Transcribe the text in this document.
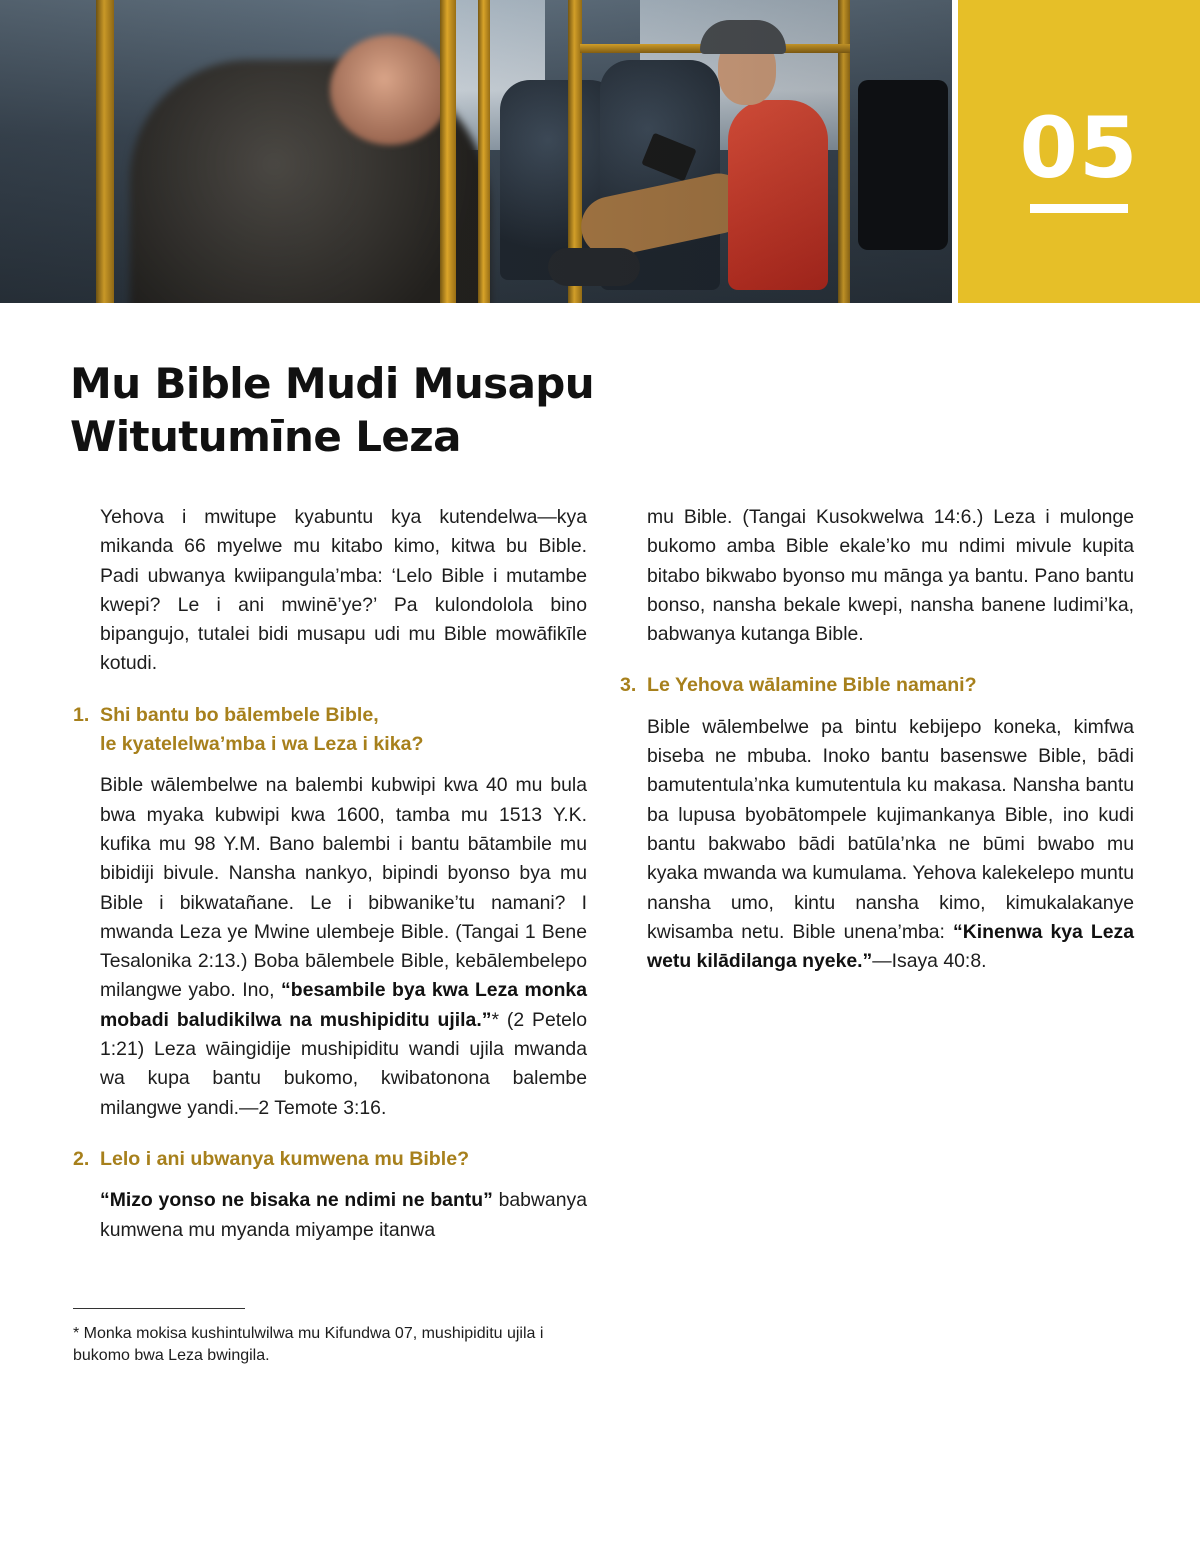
05
Mu Bible Mudi Musapu
Witutumīne Leza

Yehova i mwitupe kyabuntu kya kutendelwa—kya mikanda 66 myelwe mu kitabo kimo, kitwa bu Bible. Padi ubwanya kwiipangula’mba: ‘Lelo Bible i mutambe kwepi? Le i ani mwinē’ye?’ Pa kulondolola bino bipangujo, tutalei bidi musapu udi mu Bible mowāfikīle kotudi.

1. Shi bantu bo bālembele Bible,
le kyatelelwa’mba i wa Leza i kika?

Bible wālembelwe na balembi kubwipi kwa 40 mu bula bwa myaka kubwipi kwa 1600, tamba mu 1513 Y.K. kufika mu 98 Y.M. Bano balembi i bantu bātambile mu bibidiji bivule. Nansha nankyo, bipindi byonso bya mu Bible i bikwatañane. Le i bibwanike’tu namani? I mwanda Leza ye Mwine ulembeje Bible. (Tangai 1 Bene Tesalonika 2:13.) Boba bālembele Bible, kebālembelepo milangwe yabo. Ino, “besambile bya kwa Leza monka mobadi baludikilwa na mushipiditu ujila.”* (2 Petelo 1:21) Leza wāingidije mushipiditu wandi ujila mwanda wa kupa bantu bukomo, kwibatonona balembe milangwe yandi.—2 Temote 3:16.

2. Lelo i ani ubwanya kumwena mu Bible?

“Mizo yonso ne bisaka ne ndimi ne bantu” babwanya kumwena mu myanda miyampe itanwa

mu Bible. (Tangai Kusokwelwa 14:6.) Leza i mulonge bukomo amba Bible ekale’ko mu ndimi mivule kupita bitabo bikwabo byonso mu mānga ya bantu. Pano bantu bonso, nansha bekale kwepi, nansha banene ludimi’ka, babwanya kutanga Bible.

3. Le Yehova wālamine Bible namani?

Bible wālembelwe pa bintu kebijepo koneka, kimfwa biseba ne mbuba. Inoko bantu basenswe Bible, bādi bamutentula’nka kumutentula ku makasa. Nansha bantu ba lupusa byobātompele kujimankanya Bible, ino kudi bantu bakwabo bādi batūla’nka ne būmi bwabo mu kyaka mwanda wa kumulama. Yehova kalekelepo muntu nansha umo, kintu nansha kimo, kimukalakanye kwisamba netu. Bible unena’mba: “Kinenwa kya Leza wetu kilādilanga nyeke.”—Isaya 40:8.

* Monka mokisa kushintulwilwa mu Kifundwa 07, mushipiditu ujila i bukomo bwa Leza bwingila.
